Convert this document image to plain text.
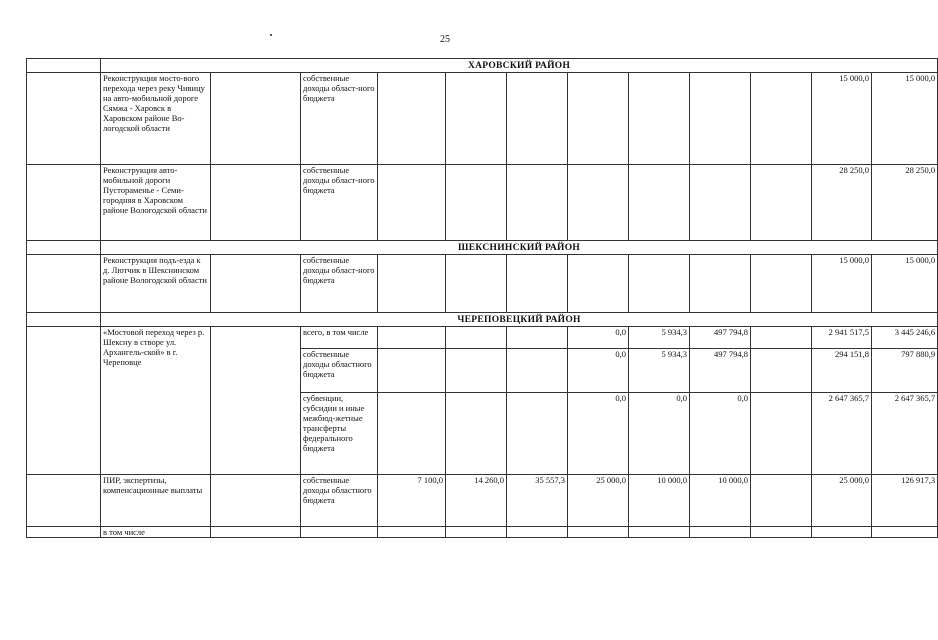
25
	ХАРОВСКИЙ РАЙОН											
	Реконструкция мосто-вого перехода через реку Чивицу на авто-мобильной дороге Сямжа - Харовск в Харовском районе Во-логодской области		собственные доходы област-ного бюджета								15 000,0	15 000,0
	Реконструкция авто-мобильной дороги Пустораменье - Семи-городняя в Харовском районе Вологодской области		собственные доходы област-ного бюджета								28 250,0	28 250,0
	ШЕКСНИНСКИЙ РАЙОН											
	Реконструкция подъ-езда к д. Лютчик в Шекснинском районе Вологодской области		собственные доходы област-ного бюджета								15 000,0	15 000,0
	ЧЕРЕПОВЕЦКИЙ РАЙОН											
	«Мостовой переход через р. Шексну в створе ул. Архангель-ской» в г. Череповце		всего, в том числе				0,0	5 934,3	497 794,8		2 941 517,5	3 445 246,6
			собственные доходы областного бюджета				0,0	5 934,3	497 794,8		294 151,8	797 880,9
			субвенции, субсидии и иные межбюд-жетные трансферты федерального бюджета				0,0	0,0	0,0		2 647 365,7	2 647 365,7
	ПИР, экспертизы, компенсационные выплаты		собственные доходы областного бюджета	7 100,0	14 260,0	35 557,3	25 000,0	10 000,0	10 000,0		25 000,0	126 917,3
	в том числе											
